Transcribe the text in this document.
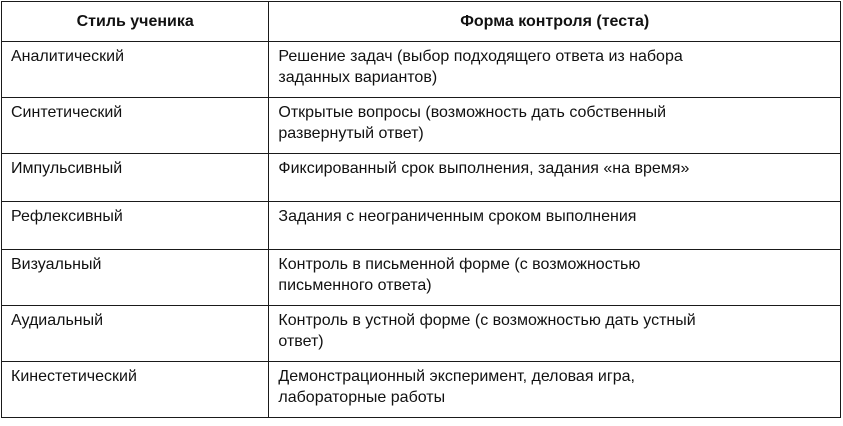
Стиль ученика	Форма контроля (теста)
Аналитический	Решение задач (выбор подходящего ответа из набора
заданных вариантов)
Синтетический	Открытые вопросы (возможность дать собственный
развернутый ответ)
Импульсивный	Фиксированный срок выполнения, задания «на время»
Рефлексивный	Задания с неограниченным сроком выполнения
Визуальный	Контроль в письменной форме (с возможностью
письменного ответа)
Аудиальный	Контроль в устной форме (с возможностью дать устный
ответ)
Кинестетический	Демонстрационный эксперимент, деловая игра,
лабораторные работы
